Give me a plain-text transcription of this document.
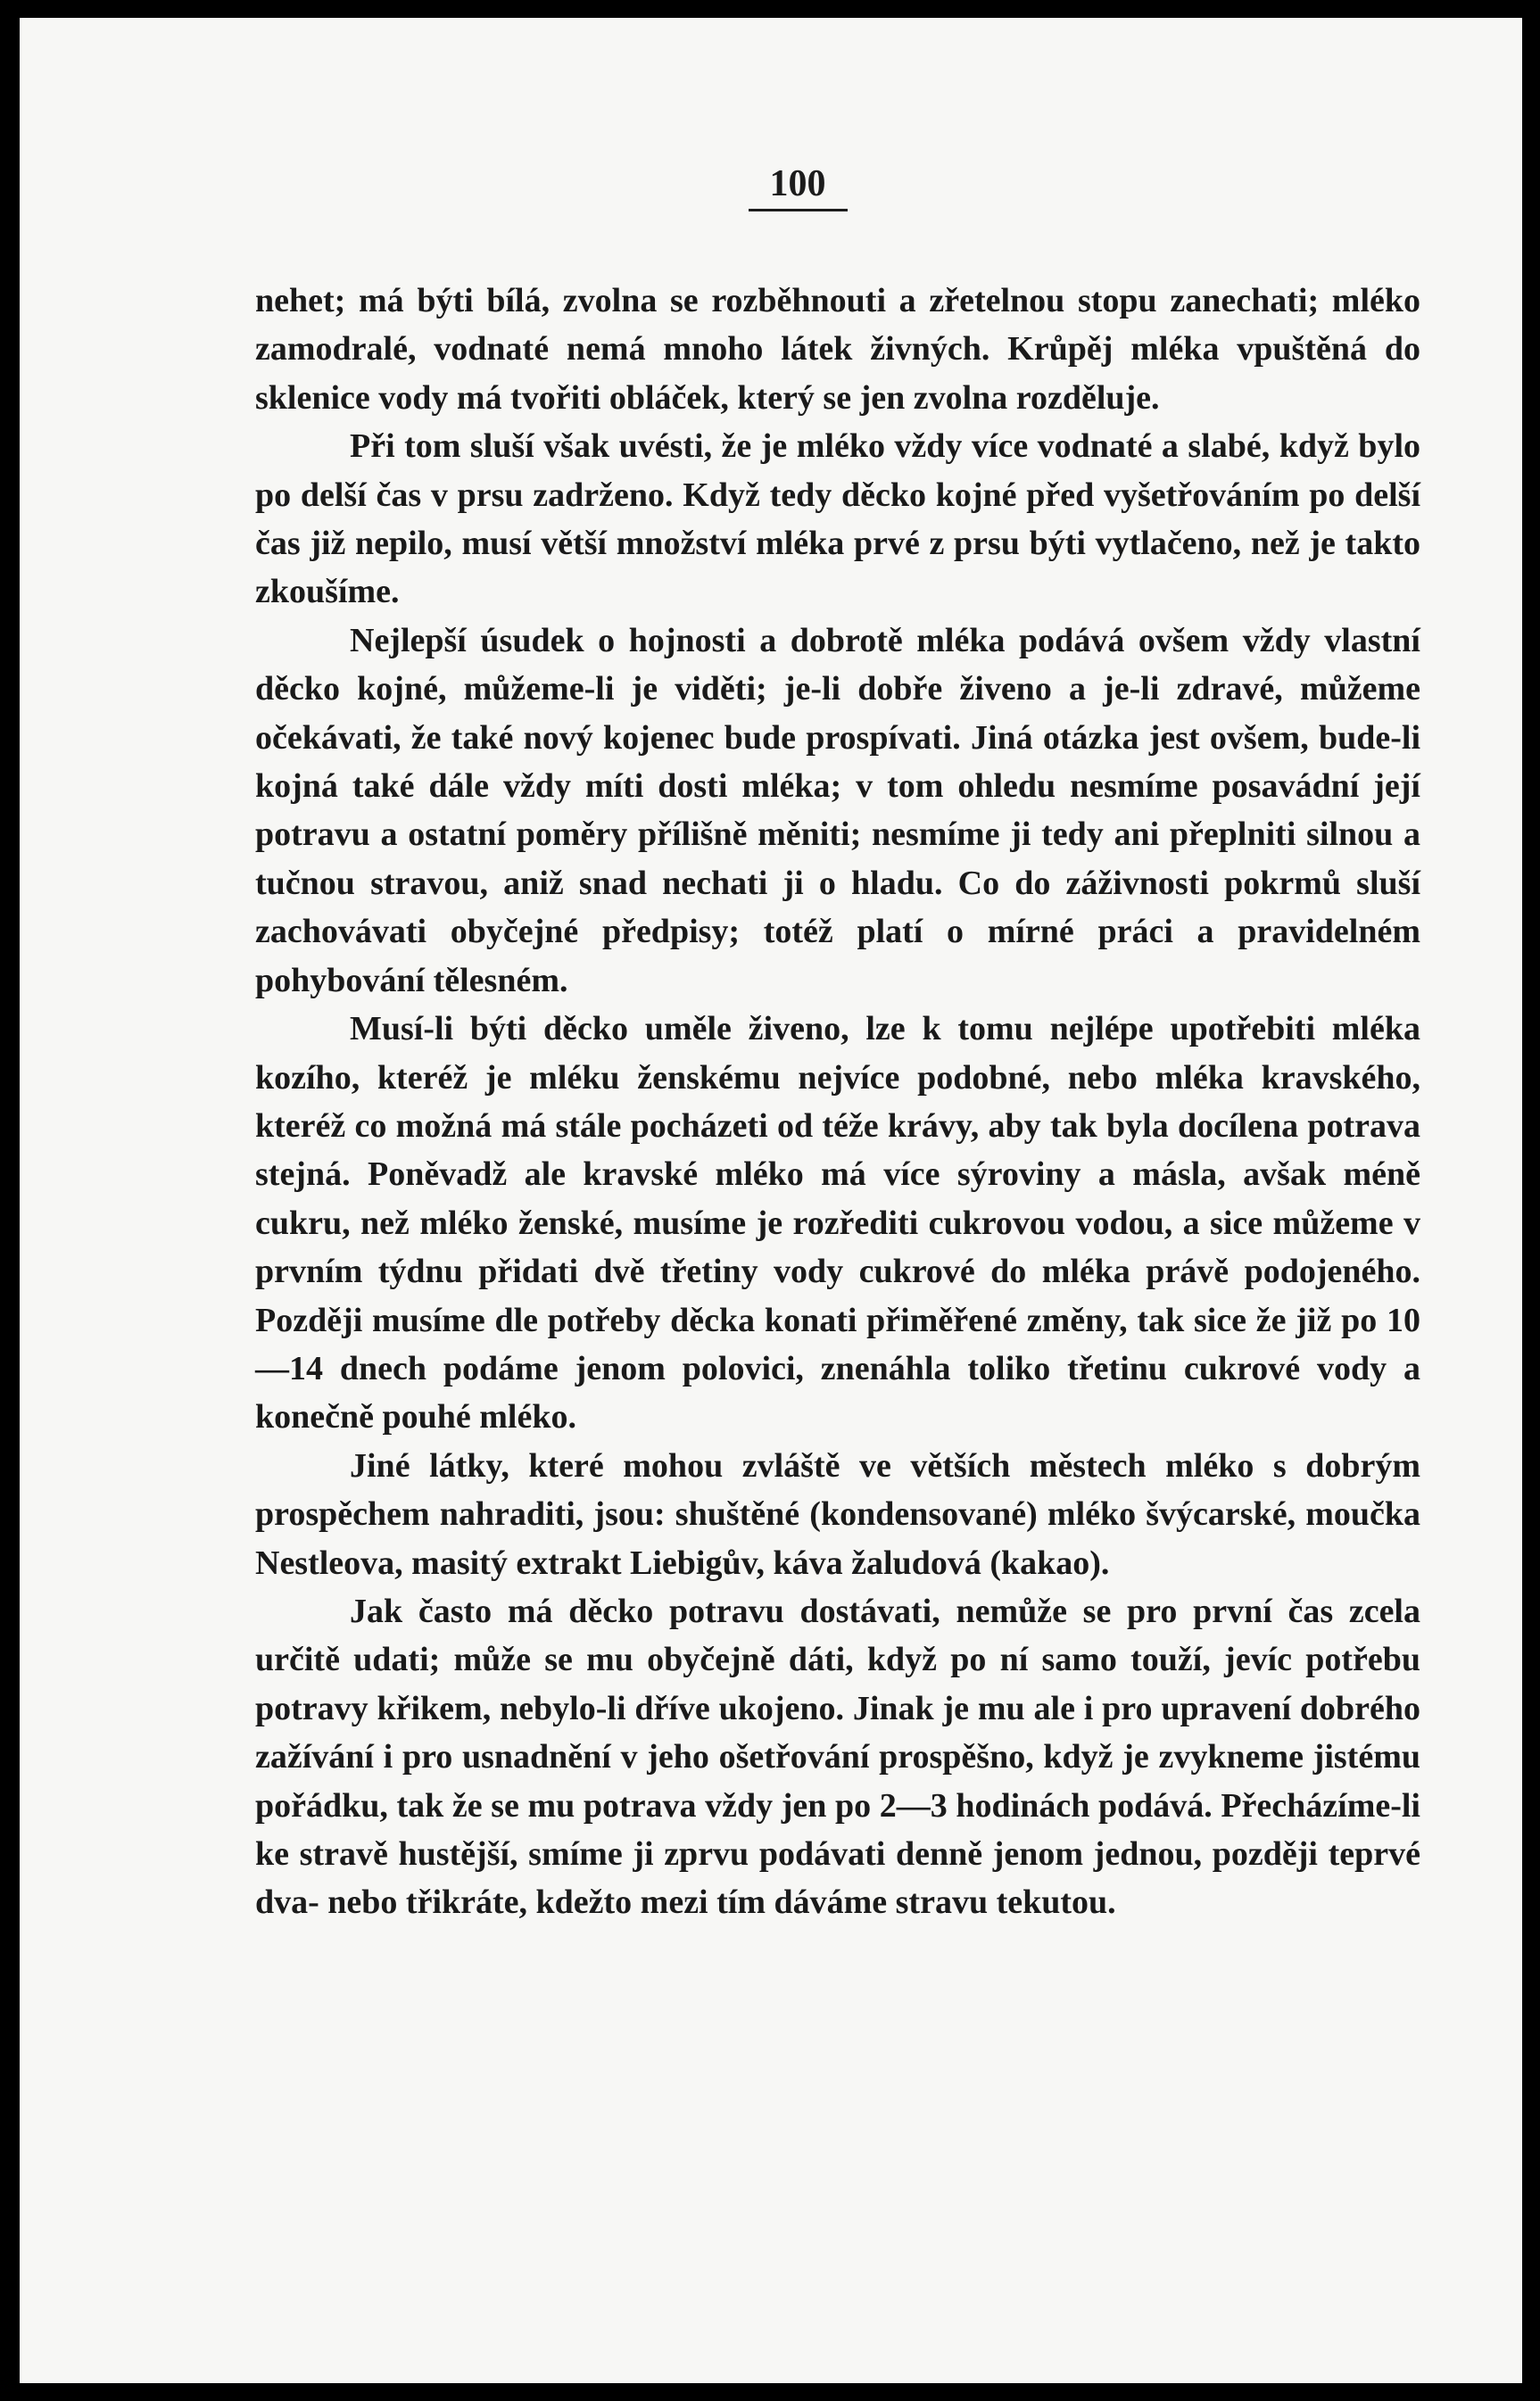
100

nehet; má býti bílá, zvolna se rozběhnouti a zřetelnou stopu zanechati; mléko zamodralé, vodnaté nemá mnoho látek živných. Krůpěj mléka vpuštěná do sklenice vody má tvořiti obláček, který se jen zvolna rozděluje.

Při tom sluší však uvésti, že je mléko vždy více vodnaté a slabé, když bylo po delší čas v prsu zadrženo. Když tedy děcko kojné před vyšetřováním po delší čas již nepilo, musí větší množství mléka prvé z prsu býti vytlačeno, než je takto zkoušíme.

Nejlepší úsudek o hojnosti a dobrotě mléka podává ovšem vždy vlastní děcko kojné, můžeme-li je viděti; je-li dobře živeno a je-li zdravé, můžeme očekávati, že také nový kojenec bude prospívati. Jiná otázka jest ovšem, bude-li kojná také dále vždy míti dosti mléka; v tom ohledu nesmíme posavádní její potravu a ostatní poměry přílišně měniti; nesmíme ji tedy ani přeplniti silnou a tučnou stravou, aniž snad nechati ji o hladu. Co do záživnosti pokrmů sluší zachovávati obyčejné předpisy; totéž platí o mírné práci a pravidelném pohybování tělesném.

Musí-li býti děcko uměle živeno, lze k tomu nejlépe upotřebiti mléka kozího, kteréž je mléku ženskému nejvíce podobné, nebo mléka kravského, kteréž co možná má stále pocházeti od téže krávy, aby tak byla docílena potrava stejná. Poněvadž ale kravské mléko má více sýroviny a másla, avšak méně cukru, než mléko ženské, musíme je rozřediti cukrovou vodou, a sice můžeme v prvním týdnu přidati dvě třetiny vody cukrové do mléka právě podojeného. Později musíme dle potřeby děcka konati přiměřené změny, tak sice že již po 10—14 dnech podáme jenom polovici, znenáhla toliko třetinu cukrové vody a konečně pouhé mléko.

Jiné látky, které mohou zvláště ve větších městech mléko s dobrým prospěchem nahraditi, jsou: shuštěné (kondensované) mléko švýcarské, moučka Nestleova, masitý extrakt Liebigův, káva žaludová (kakao).

Jak často má děcko potravu dostávati, nemůže se pro první čas zcela určitě udati; může se mu obyčejně dáti, když po ní samo touží, jevíc potřebu potravy křikem, nebylo-li dříve ukojeno. Jinak je mu ale i pro upravení dobrého zažívání i pro usnadnění v jeho ošetřování prospěšno, když je zvykneme jistému pořádku, tak že se mu potrava vždy jen po 2—3 hodinách podává. Přecházíme-li ke stravě hustější, smíme ji zprvu podávati denně jenom jednou, později teprvé dva- nebo třikráte, kdežto mezi tím dáváme stravu tekutou.
